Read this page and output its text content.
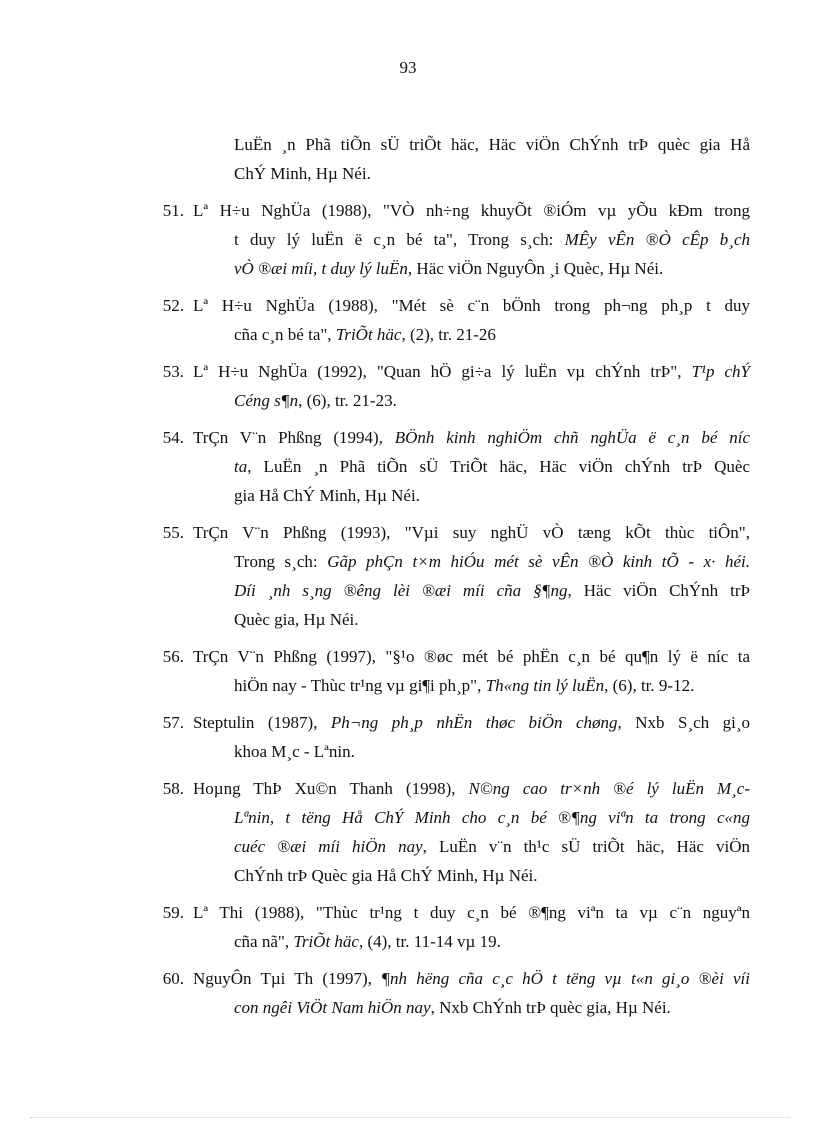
93
LuËn ¸n Phã tiÕn sÜ triÕt häc, Häc viÖn ChÝnh trÞ quèc gia Hå
ChÝ Minh, Hµ Néi.
51. Lª H÷u NghÜa (1988), "VÒ nh÷ng khuyÕt ®iÓm vµ yÕu kÐm trong
t duy lý luËn ë c¸n bé ta", Trong s¸ch: MÊy vÊn ®Ò cÊp b¸ch
vÒ ®æi míi, t duy lý luËn, Häc viÖn NguyÔn ¸i Quèc, Hµ Néi.
52. Lª H÷u NghÜa (1988), "Mét sè c¨n bÖnh trong ph¬ng ph¸p t duy
cña c¸n bé ta", TriÕt häc, (2), tr. 21-26
53. Lª H÷u NghÜa (1992), "Quan hÖ gi÷a lý luËn vµ chÝnh trÞ", T¹p chÝ
Céng s¶n, (6), tr. 21-23.
54. TrÇn V¨n Phßng (1994), BÖnh kinh nghiÖm chñ nghÜa ë c¸n bé níc
ta, LuËn ¸n Phã tiÕn sÜ TriÕt häc, Häc viÖn chÝnh trÞ Quèc
gia Hå ChÝ Minh, Hµ Néi.
55. TrÇn V¨n Phßng (1993), "Vµi suy nghÜ vÒ tæng kÕt thùc tiÔn",
Trong s¸ch: Gãp phÇn t×m hiÓu mét sè vÊn ®Ò kinh tÕ - x· héi.
Díi ¸nh s¸ng ®êng lèi ®æi míi cña §¶ng, Häc viÖn ChÝnh trÞ
Quèc gia, Hµ Néi.
56. TrÇn V¨n Phßng (1997), "§¹o ®øc mét bé phËn c¸n bé qu¶n lý ë níc ta
hiÖn nay - Thùc tr¹ng vµ gi¶i ph¸p", Th«ng tin lý luËn, (6), tr. 9-12.
57. Steptulin (1987), Ph¬ng ph¸p nhËn thøc biÖn chøng, Nxb S¸ch gi¸o
khoa M¸c - Lªnin.
58. Hoµng ThÞ Xu©n Thanh (1998), N©ng cao tr×nh ®é lý luËn M¸c-
Lªnin, t tëng Hå ChÝ Minh cho c¸n bé ®¶ng viªn ta trong c«ng
cuéc ®æi míi hiÖn nay, LuËn v¨n th¹c sÜ triÕt häc, Häc viÖn
ChÝnh trÞ Quèc gia Hå ChÝ Minh, Hµ Néi.
59. Lª Thi (1988), "Thùc tr¹ng t duy c¸n bé ®¶ng viªn ta vµ c¨n nguyªn
cña nã", TriÕt häc, (4), tr. 11-14 vµ 19.
60. NguyÔn Tµi Th (1997), ¶nh hëng cña c¸c hÖ t tëng vµ t«n gi¸o ®èi víi
con ngêi ViÖt Nam hiÖn nay, Nxb ChÝnh trÞ quèc gia, Hµ Néi.
